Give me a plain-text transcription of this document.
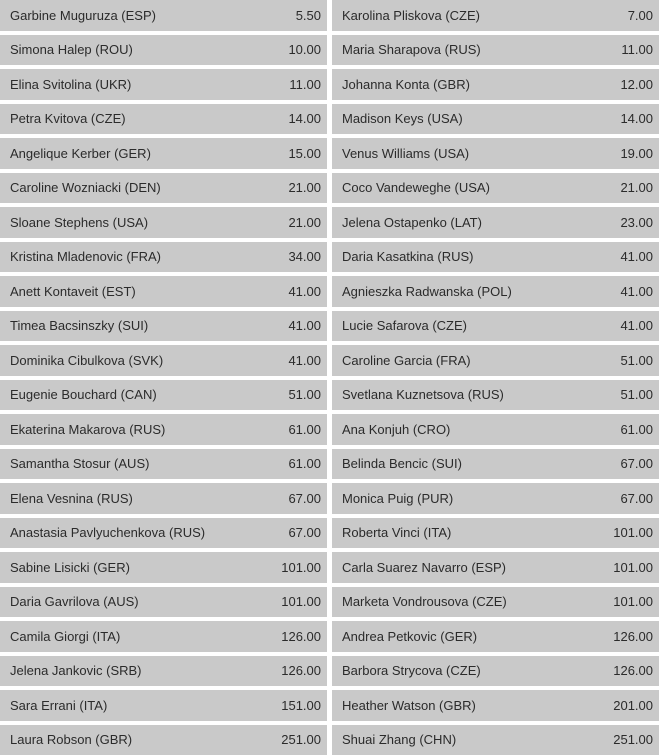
Garbine Muguruza (ESP)	5.50 Karolina Pliskova (CZE)	7.00
Simona Halep (ROU)	10.00 Maria Sharapova (RUS)	11.00
Elina Svitolina (UKR)	11.00 Johanna Konta (GBR)	12.00
Petra Kvitova (CZE)	14.00 Madison Keys (USA)	14.00
Angelique Kerber (GER)	15.00 Venus Williams (USA)	19.00
Caroline Wozniacki (DEN)	21.00 Coco Vandeweghe (USA)	21.00
Sloane Stephens (USA)	21.00 Jelena Ostapenko (LAT)	23.00
Kristina Mladenovic (FRA)	34.00 Daria Kasatkina (RUS)	41.00
Anett Kontaveit (EST)	41.00 Agnieszka Radwanska (POL)	41.00
Timea Bacsinszky (SUI)	41.00 Lucie Safarova (CZE)	41.00
Dominika Cibulkova (SVK)	41.00 Caroline Garcia (FRA)	51.00
Eugenie Bouchard (CAN)	51.00 Svetlana Kuznetsova (RUS)	51.00
Ekaterina Makarova (RUS)	61.00 Ana Konjuh (CRO)	61.00
Samantha Stosur (AUS)	61.00 Belinda Bencic (SUI)	67.00
Elena Vesnina (RUS)	67.00 Monica Puig (PUR)	67.00
Anastasia Pavlyuchenkova (RUS)	67.00 Roberta Vinci (ITA)	101.00
Sabine Lisicki (GER)	101.00 Carla Suarez Navarro (ESP)	101.00
Daria Gavrilova (AUS)	101.00 Marketa Vondrousova (CZE)	101.00
Camila Giorgi (ITA)	126.00 Andrea Petkovic (GER)	126.00
Jelena Jankovic (SRB)	126.00 Barbora Strycova (CZE)	126.00
Sara Errani (ITA)	151.00 Heather Watson (GBR)	201.00
Laura Robson (GBR)	251.00 Shuai Zhang (CHN)	251.00
